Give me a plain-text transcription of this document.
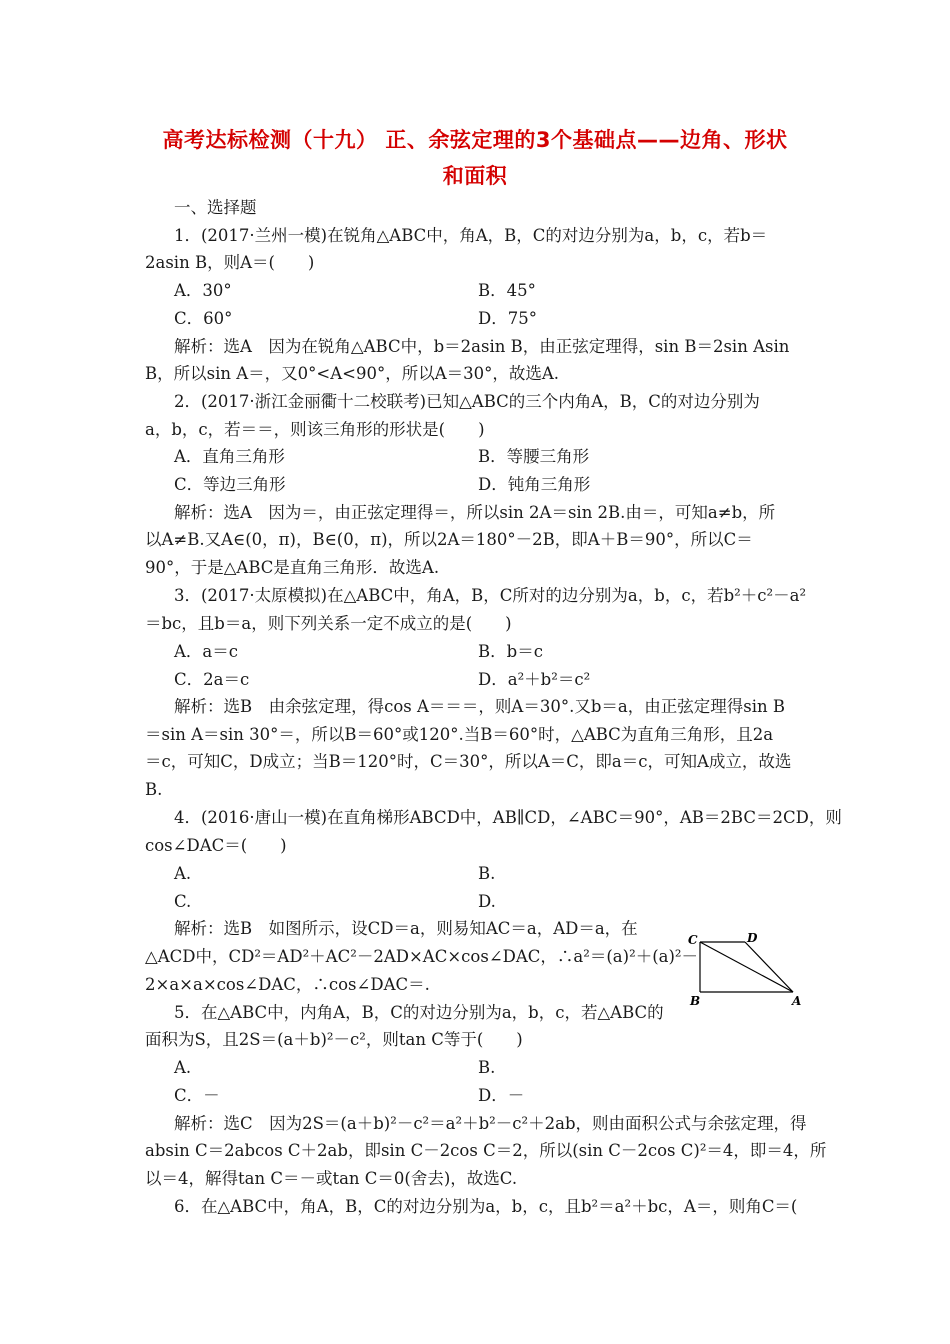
高考达标检测（十九） 正、余弦定理的3个基础点——边角、形状
和面积
一、选择题
1．(2017·兰州一模)在锐角△ABC中，角A，B，C的对边分别为a，b，c，若b＝
2asin B，则A＝(　　)
A．30°	B．45°
C．60°	D．75°
解析：选A　因为在锐角△ABC中，b＝2asin B，由正弦定理得，sin B＝2sin Asin
B，所以sin A＝，又0°<A<90°，所以A＝30°，故选A.
2．(2017·浙江金丽衢十二校联考)已知△ABC的三个内角A，B，C的对边分别为
a，b，c，若＝＝，则该三角形的形状是(　　)
A．直角三角形	B．等腰三角形
C．等边三角形	D．钝角三角形
解析：选A　因为＝，由正弦定理得＝，所以sin 2A＝sin 2B.由＝，可知a≠b，所
以A≠B.又A∈(0，π)，B∈(0，π)，所以2A＝180°－2B，即A＋B＝90°，所以C＝
90°，于是△ABC是直角三角形．故选A.
3．(2017·太原模拟)在△ABC中，角A，B，C所对的边分别为a，b，c，若b²＋c²－a²
＝bc，且b＝a，则下列关系一定不成立的是(　　)
A．a＝c	B．b＝c
C．2a＝c	D．a²＋b²＝c²
解析：选B　由余弦定理，得cos A＝＝＝，则A＝30°.又b＝a，由正弦定理得sin B
＝sin A＝sin 30°＝，所以B＝60°或120°.当B＝60°时，△ABC为直角三角形，且2a
＝c，可知C，D成立；当B＝120°时，C＝30°，所以A＝C，即a＝c，可知A成立，故选
B.
4．(2016·唐山一模)在直角梯形ABCD中，AB∥CD，∠ABC＝90°，AB＝2BC＝2CD，则
cos∠DAC＝(　　)
A.	B.
C.	D.
解析：选B　如图所示，设CD＝a，则易知AC＝a，AD＝a，在
△ACD中，CD²＝AD²＋AC²－2AD×AC×cos∠DAC，∴a²＝(a)²＋(a)²－
2×a×a×cos∠DAC，∴cos∠DAC＝.
C	D
B	A
5．在△ABC中，内角A，B，C的对边分别为a，b，c，若△ABC的
面积为S，且2S＝(a＋b)²－c²，则tan C等于(　　)
A.	B.
C．－	D．－
解析：选C　因为2S＝(a＋b)²－c²＝a²＋b²－c²＋2ab，则由面积公式与余弦定理，得
absin C＝2abcos C＋2ab，即sin C－2cos C＝2，所以(sin C－2cos C)²＝4，即＝4，所
以＝4，解得tan C＝－或tan C＝0(舍去)，故选C.
6．在△ABC中，角A，B，C的对边分别为a，b，c，且b²＝a²＋bc，A＝，则角C＝(
